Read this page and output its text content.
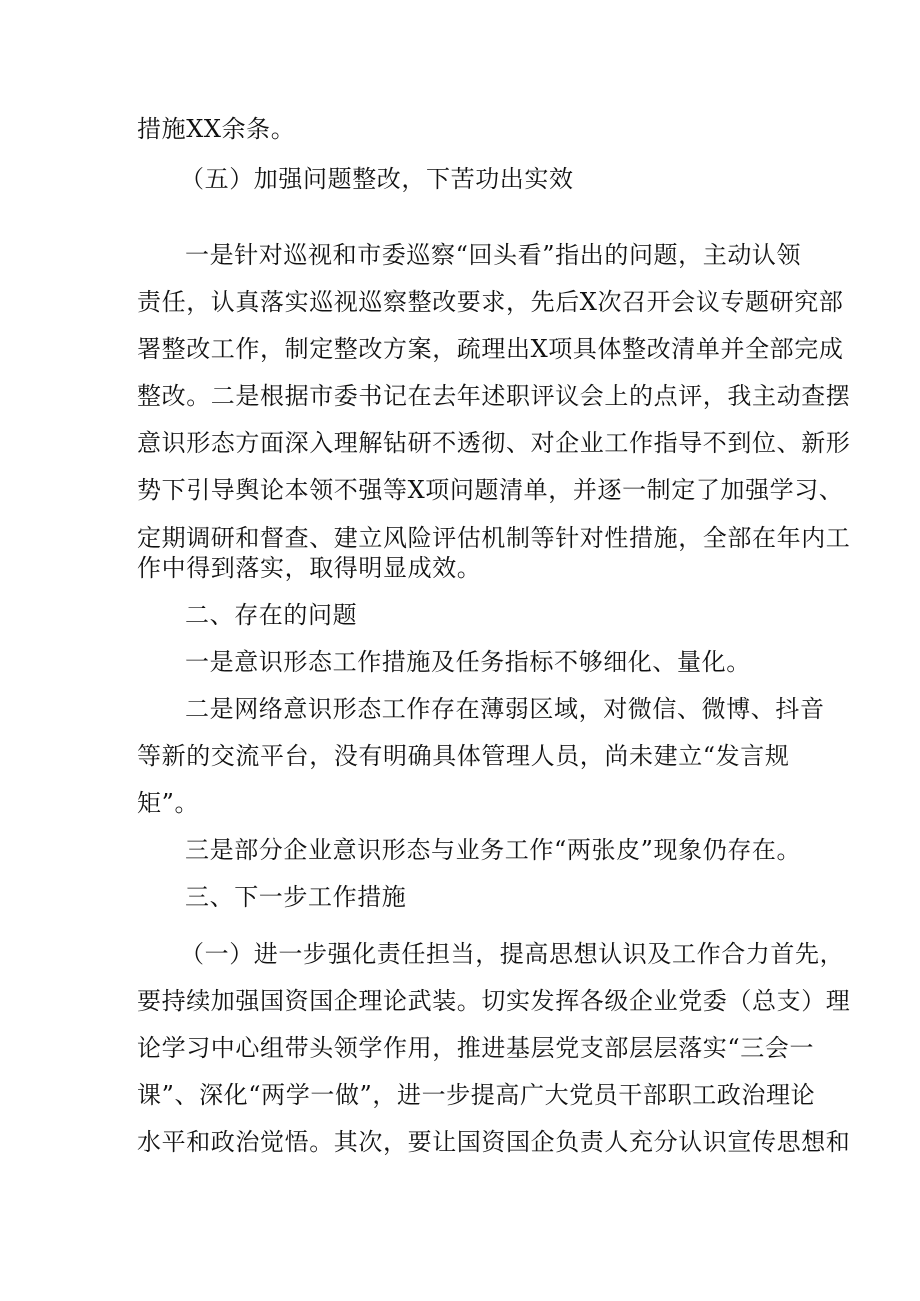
措施XX余条。
（五）加强问题整改，下苦功出实效
一是针对巡视和市委巡察“回头看”指出的问题，主动认领
责任，认真落实巡视巡察整改要求，先后X次召开会议专题研究部
署整改工作，制定整改方案，疏理出X项具体整改清单并全部完成
整改。二是根据市委书记在去年述职评议会上的点评，我主动查摆
意识形态方面深入理解钻研不透彻、对企业工作指导不到位、新形
势下引导舆论本领不强等X项问题清单，并逐一制定了加强学习、
定期调研和督查、建立风险评估机制等针对性措施，全部在年内工
作中得到落实，取得明显成效。
二、存在的问题
一是意识形态工作措施及任务指标不够细化、量化。
二是网络意识形态工作存在薄弱区域，对微信、微博、抖音
等新的交流平台，没有明确具体管理人员，尚未建立“发言规
矩”。
三是部分企业意识形态与业务工作“两张皮”现象仍存在。
三、下一步工作措施
（一）进一步强化责任担当，提高思想认识及工作合力首先，
要持续加强国资国企理论武装。切实发挥各级企业党委（总支）理
论学习中心组带头领学作用，推进基层党支部层层落实“三会一
课”、深化“两学一做”，进一步提高广大党员干部职工政治理论
水平和政治觉悟。其次，要让国资国企负责人充分认识宣传思想和
